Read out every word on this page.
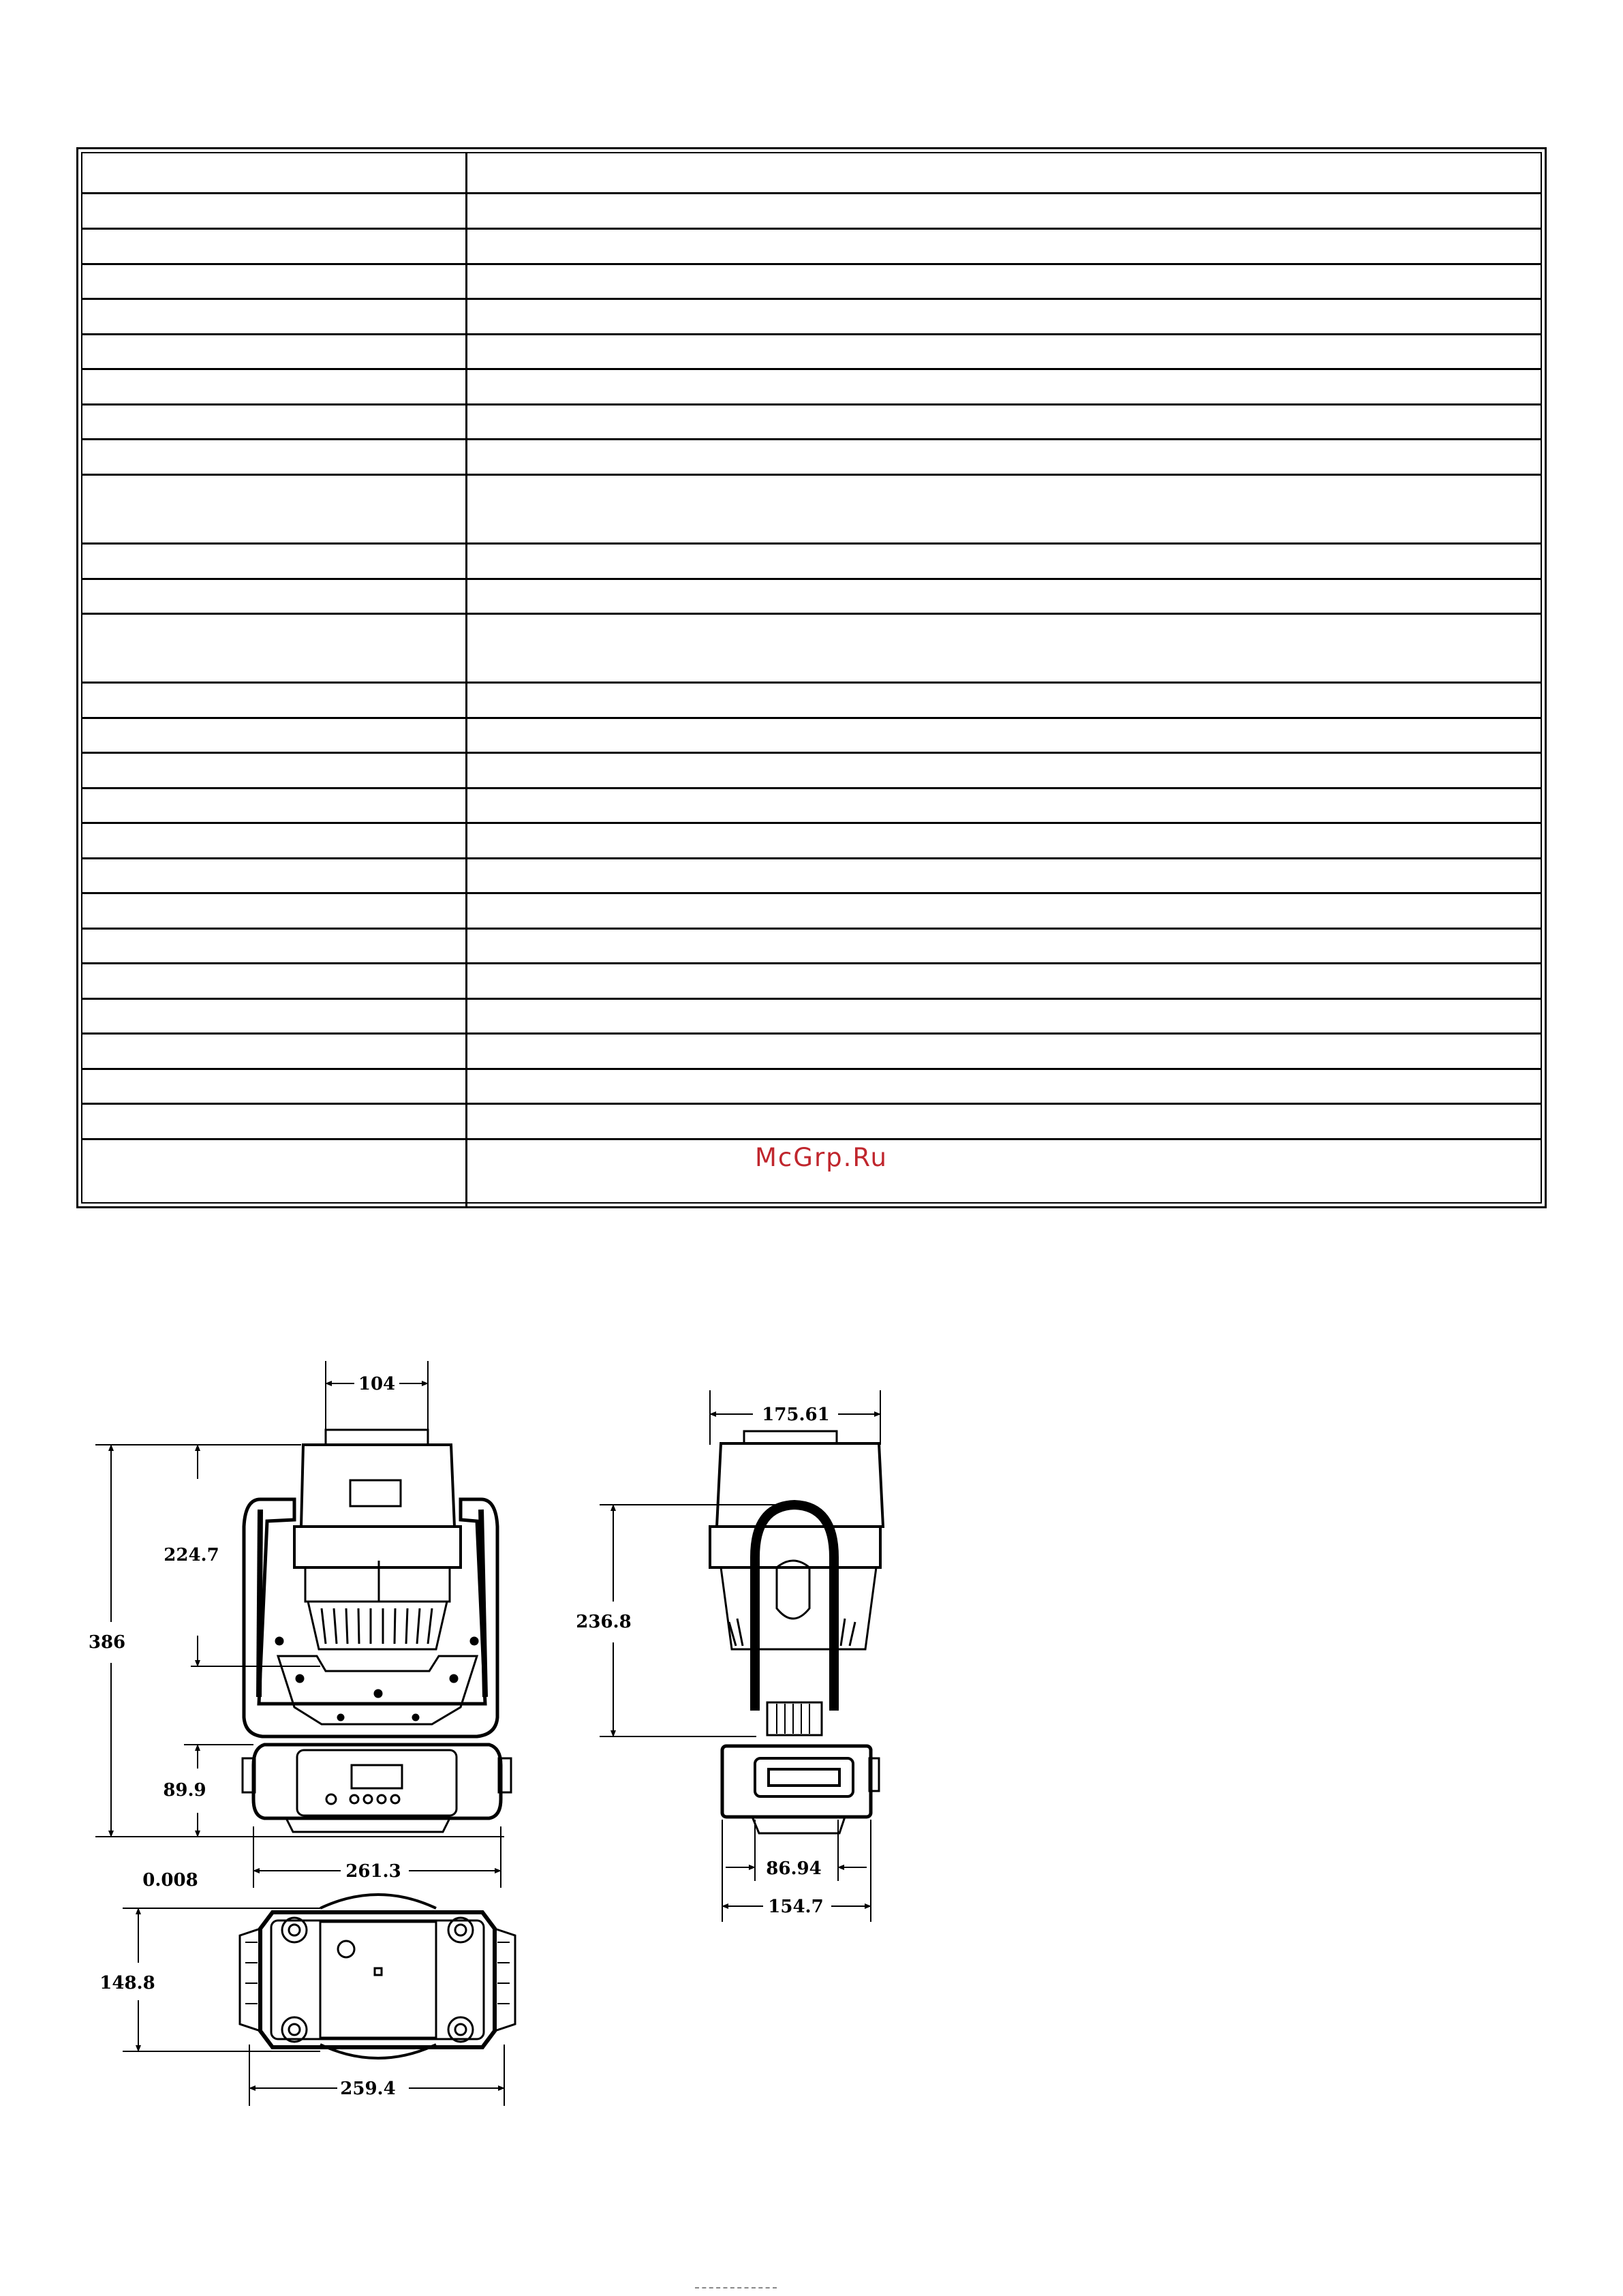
McGrp.Ru
104
224.7
386
89.9
261.3
0.008
175.61
236.8
86.94
154.7
148.8
259.4
